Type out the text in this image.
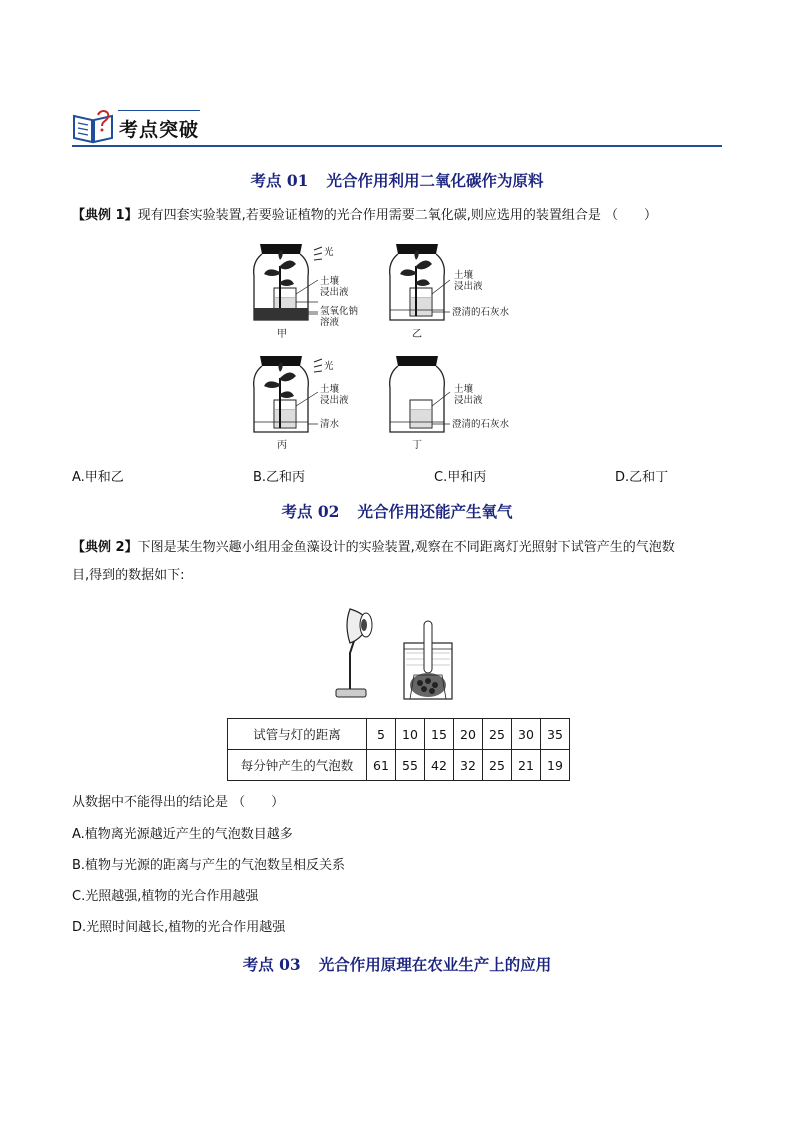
考点突破
考点 01 光合作用利用二氧化碳作为原料
【典例 1】现有四套实验装置,若要验证植物的光合作用需要二氧化碳,则应选用的装置组合是 （　　）
光
土壤
浸出液
氢氧化钠
溶液
甲
土壤
浸出液
澄清的石灰水
乙
光
土壤
浸出液
清水
丙
土壤
浸出液
澄清的石灰水
丁
A.甲和乙	B.乙和丙	C.甲和丙	D.乙和丁
考点 02 光合作用还能产生氧气
【典例 2】下图是某生物兴趣小组用金鱼藻设计的实验装置,观察在不同距离灯光照射下试管产生的气泡数
目,得到的数据如下:
试管与灯的距离	5	10	15	20	25	30	35
每分钟产生的气泡数	61	55	42	32	25	21	19
从数据中不能得出的结论是 （　　）
A.植物离光源越近产生的气泡数目越多
B.植物与光源的距离与产生的气泡数呈相反关系
C.光照越强,植物的光合作用越强
D.光照时间越长,植物的光合作用越强
考点 03 光合作用原理在农业生产上的应用
